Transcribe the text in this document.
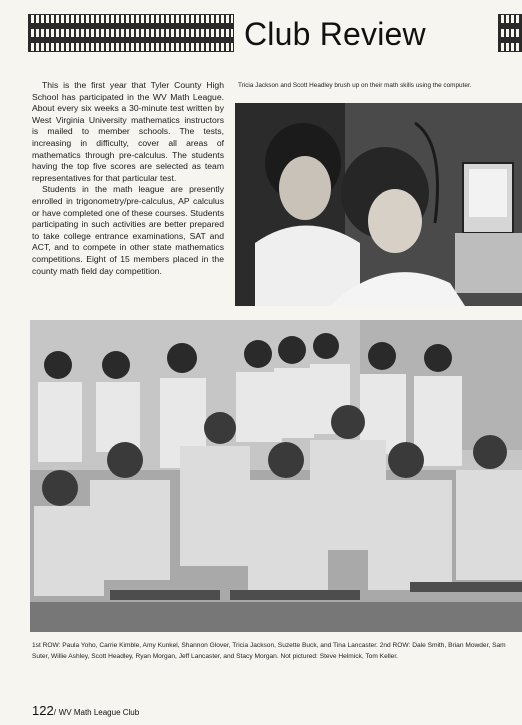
Club Review

This is the first year that Tyler County High School has participated in the WV Math League. About every six weeks a 30-minute test written by West Virginia University mathematics instructors is mailed to member schools. The tests, increasing in difficulty, cover all areas of mathematics through pre-calculus. The students having the top five scores are selected as team representatives for that particular test.

Students in the math league are presently enrolled in trigonometry/pre-calculus, AP calculus or have completed one of these courses. Students participating in such activities are better prepared to take college entrance examinations, SAT and ACT, and to compete in other state mathematics competitions. Eight of 15 members placed in the county math field day competition.

Tricia Jackson and Scott Headley brush up on their math skills using the computer.
1st ROW: Paula Yoho, Carrie Kimble, Amy Kunkel, Shannon Glover, Tricia Jackson, Suzette Buck, and Tina Lancaster. 2nd ROW: Dale Smith, Brian Mowder, Sam Suter, Willie Ashley, Scott Headley, Ryan Morgan, Jeff Lancaster, and Stacy Morgan. Not pictured: Steve Helmick, Tom Keller.
122/ WV Math League Club
